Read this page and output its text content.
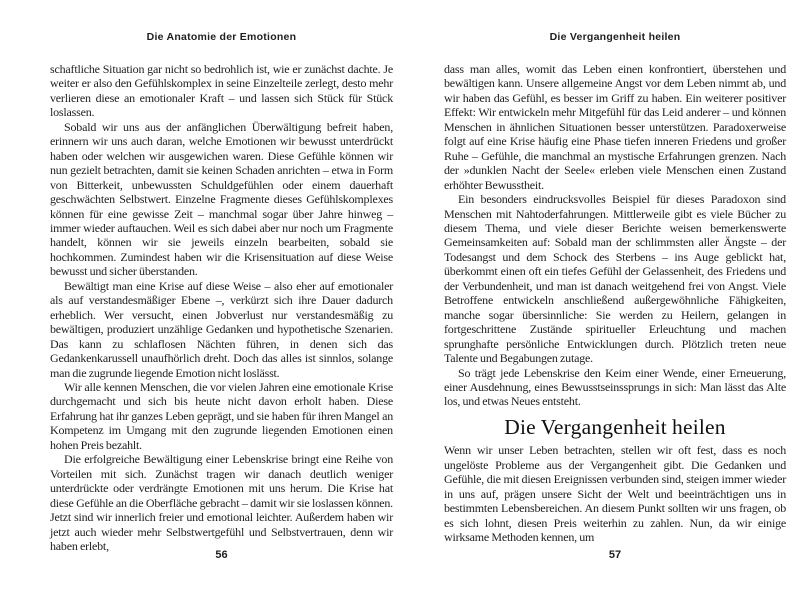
Die Anatomie der Emotionen

schaftliche Situation gar nicht so bedrohlich ist, wie er zunächst dachte. Je weiter er also den Gefühlskomplex in seine Einzelteile zerlegt, desto mehr verlieren diese an emotionaler Kraft – und lassen sich Stück für Stück loslassen.

Sobald wir uns aus der anfänglichen Überwältigung befreit haben, erinnern wir uns auch daran, welche Emotionen wir bewusst unterdrückt haben oder welchen wir ausgewichen waren. Diese Gefühle können wir nun gezielt betrachten, damit sie keinen Schaden anrichten – etwa in Form von Bitterkeit, unbewussten Schuldgefühlen oder einem dauerhaft geschwächten Selbstwert. Einzelne Fragmente dieses Gefühlskomplexes können für eine gewisse Zeit – manchmal sogar über Jahre hinweg – immer wieder auftauchen. Weil es sich dabei aber nur noch um Fragmente handelt, können wir sie jeweils einzeln bearbeiten, sobald sie hochkommen. Zumindest haben wir die Krisensituation auf diese Weise bewusst und sicher überstanden.

Bewältigt man eine Krise auf diese Weise – also eher auf emotionaler als auf verstandesmäßiger Ebene –, verkürzt sich ihre Dauer dadurch erheblich. Wer versucht, einen Jobverlust nur verstandesmäßig zu bewältigen, produziert unzählige Gedanken und hypothetische Szenarien. Das kann zu schlaflosen Nächten führen, in denen sich das Gedankenkarussell unaufhörlich dreht. Doch das alles ist sinnlos, solange man die zugrunde liegende Emotion nicht loslässt.

Wir alle kennen Menschen, die vor vielen Jahren eine emotionale Krise durchgemacht und sich bis heute nicht davon erholt haben. Diese Erfahrung hat ihr ganzes Leben geprägt, und sie haben für ihren Mangel an Kompetenz im Umgang mit den zugrunde liegenden Emotionen einen hohen Preis bezahlt.

Die erfolgreiche Bewältigung einer Lebenskrise bringt eine Reihe von Vorteilen mit sich. Zunächst tragen wir danach deutlich weniger unterdrückte oder verdrängte Emotionen mit uns herum. Die Krise hat diese Gefühle an die Oberfläche gebracht – damit wir sie loslassen können. Jetzt sind wir innerlich freier und emotional leichter. Außerdem haben wir jetzt auch wieder mehr Selbstwertgefühl und Selbstvertrauen, denn wir haben erlebt,

56
Die Vergangenheit heilen

dass man alles, womit das Leben einen konfrontiert, überstehen und bewältigen kann. Unsere allgemeine Angst vor dem Leben nimmt ab, und wir haben das Gefühl, es besser im Griff zu haben. Ein weiterer positiver Effekt: Wir entwickeln mehr Mitgefühl für das Leid anderer – und können Menschen in ähnlichen Situationen besser unterstützen. Paradoxerweise folgt auf eine Krise häufig eine Phase tiefen inneren Friedens und großer Ruhe – Gefühle, die manchmal an mystische Erfahrungen grenzen. Nach der »dunklen Nacht der Seele« erleben viele Menschen einen Zustand erhöhter Bewusstheit.

Ein besonders eindrucksvolles Beispiel für dieses Paradoxon sind Menschen mit Nahtoderfahrungen. Mittlerweile gibt es viele Bücher zu diesem Thema, und viele dieser Berichte weisen bemerkenswerte Gemeinsamkeiten auf: Sobald man der schlimmsten aller Ängste – der Todesangst und dem Schock des Sterbens – ins Auge geblickt hat, überkommt einen oft ein tiefes Gefühl der Gelassenheit, des Friedens und der Verbundenheit, und man ist danach weitgehend frei von Angst. Viele Betroffene entwickeln anschließend außergewöhnliche Fähigkeiten, manche sogar übersinnliche: Sie werden zu Heilern, gelangen in fortgeschrittene Zustände spiritueller Erleuchtung und machen sprunghafte persönliche Entwicklungen durch. Plötzlich treten neue Talente und Begabungen zutage.

So trägt jede Lebenskrise den Keim einer Wende, einer Erneuerung, einer Ausdehnung, eines Bewusstseinssprungs in sich: Man lässt das Alte los, und etwas Neues entsteht.

Die Vergangenheit heilen

Wenn wir unser Leben betrachten, stellen wir oft fest, dass es noch ungelöste Probleme aus der Vergangenheit gibt. Die Gedanken und Gefühle, die mit diesen Ereignissen verbunden sind, steigen immer wieder in uns auf, prägen unsere Sicht der Welt und beeinträchtigen uns in bestimmten Lebensbereichen. An diesem Punkt sollten wir uns fragen, ob es sich lohnt, diesen Preis weiterhin zu zahlen. Nun, da wir einige wirksame Methoden kennen, um

57
